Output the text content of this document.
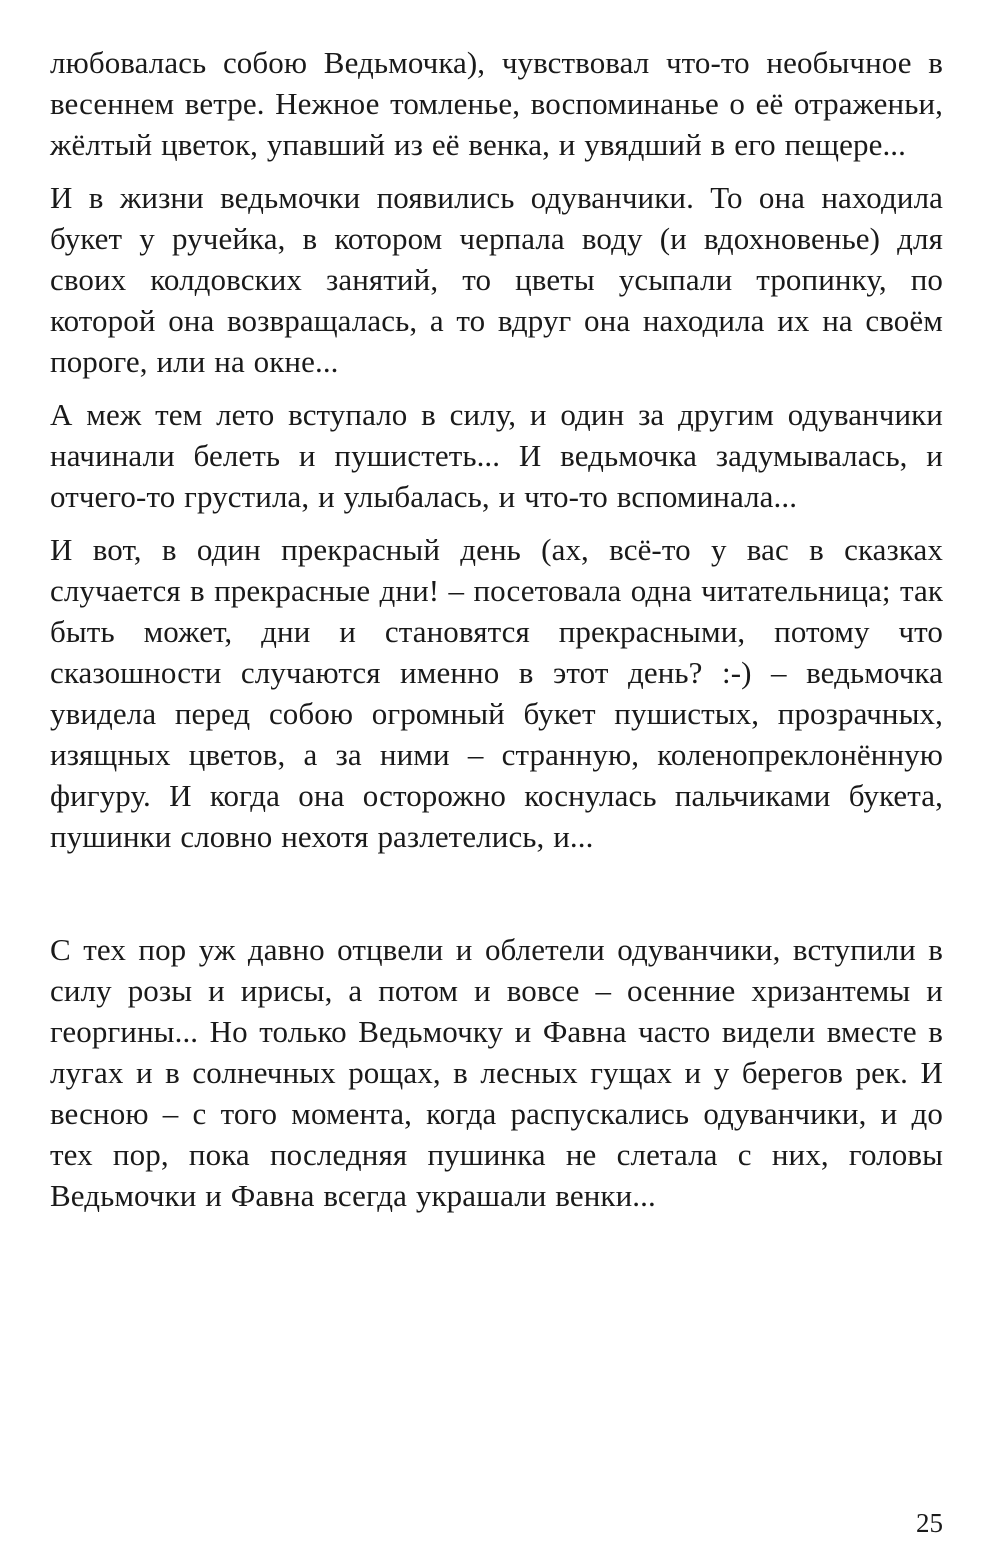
любовалась собою Ведьмочка), чувствовал что-то необычное в весеннем ветре. Нежное томленье, воспоминанье о её отраженьи, жёлтый цветок, упавший из её венка, и увядший в его пещере...

И в жизни ведьмочки появились одуванчики. То она находила букет у ручейка, в котором черпала воду (и вдохновенье) для своих колдовских занятий, то цветы усыпали тропинку, по которой она возвращалась, а то вдруг она находила их на своём пороге, или на окне...

А меж тем лето вступало в силу, и один за другим одуванчики начинали белеть и пушистеть... И ведьмочка задумывалась, и отчего-то грустила, и улыбалась, и что-то вспоминала...

И вот, в один прекрасный день (ах, всё-то у вас в сказках случается в прекрасные дни! – посетовала одна читательница; так быть может, дни и становятся прекрасными, потому что сказошности случаются именно в этот день? :-) – ведьмочка увидела перед собою огромный букет пушистых, прозрачных, изящных цветов, а за ними – странную, коленопреклонённую фигуру. И когда она осторожно коснулась пальчиками букета, пушинки словно нехотя разлетелись, и...

С тех пор уж давно отцвели и облетели одуванчики, вступили в силу розы и ирисы, а потом и вовсе – осенние хризантемы и георгины... Но только Ведьмочку и Фавна часто видели вместе в лугах и в солнечных рощах, в лесных гущах и у берегов рек. И весною – с того момента, когда распускались одуванчики, и до тех пор, пока последняя пушинка не слетала с них, головы Ведьмочки и Фавна всегда украшали венки...

25
